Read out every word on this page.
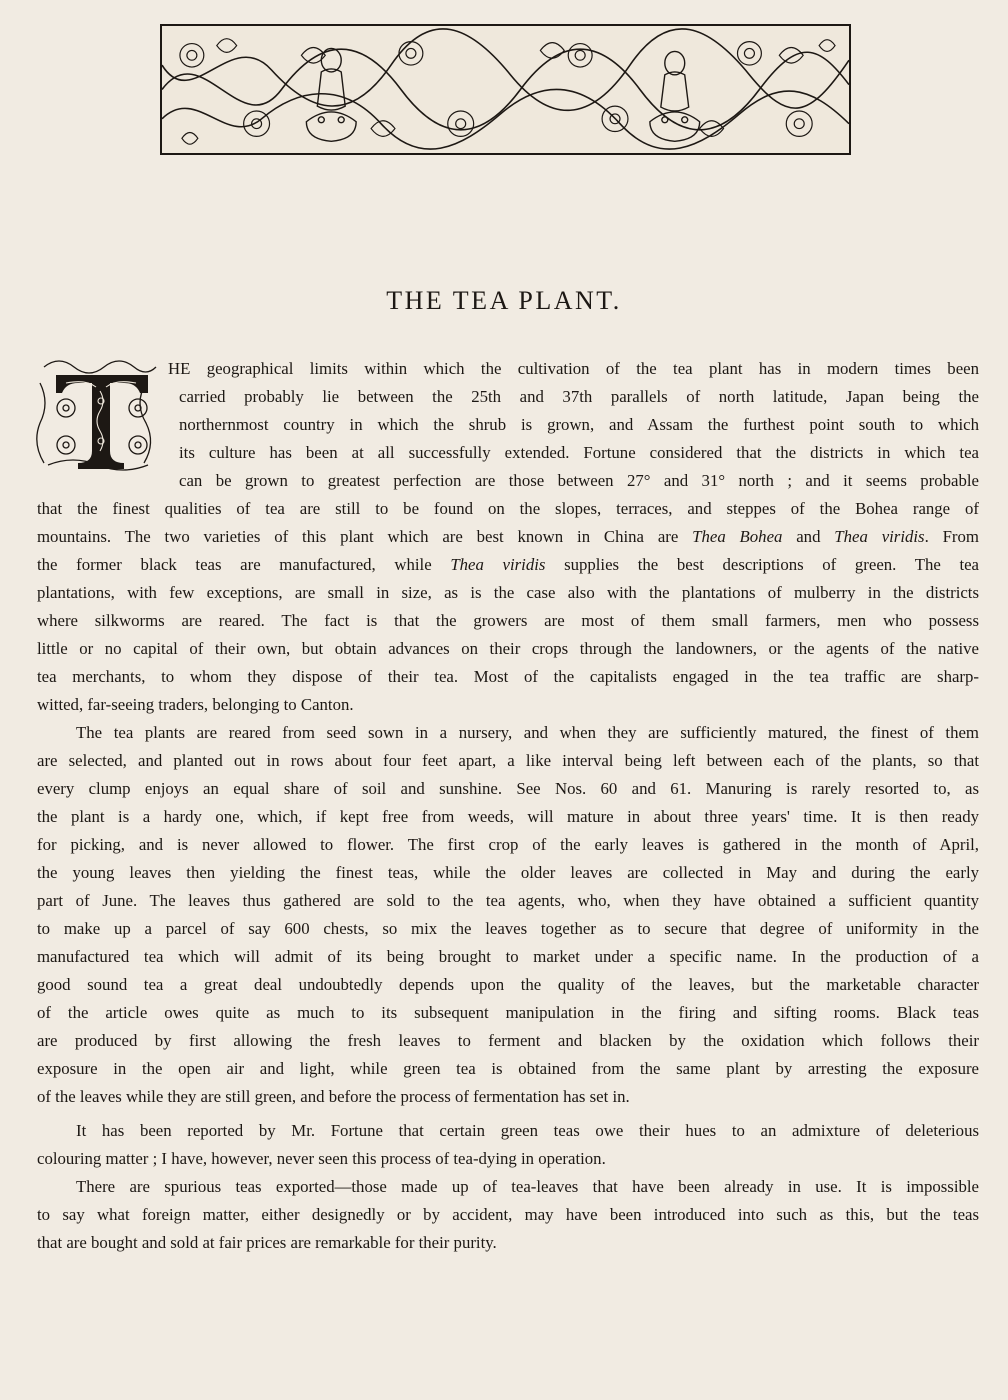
THE TEA PLANT.
HE geographical limits within which the cultivation of the tea plant has in modern times been
carried probably lie between the 25th and 37th parallels of north latitude, Japan being the
northernmost country in which the shrub is grown, and Assam the furthest point south to which
its culture has been at all successfully extended. Fortune considered that the districts in which tea
can be grown to greatest perfection are those between 27° and 31° north ; and it seems probable
that the finest qualities of tea are still to be found on the slopes, terraces, and steppes of the Bohea range of
mountains. The two varieties of this plant which are best known in China are Thea Bohea and Thea viridis. From
the former black teas are manufactured, while Thea viridis supplies the best descriptions of green. The tea
plantations, with few exceptions, are small in size, as is the case also with the plantations of mulberry in the districts
where silkworms are reared. The fact is that the growers are most of them small farmers, men who possess
little or no capital of their own, but obtain advances on their crops through the landowners, or the agents of the native
tea merchants, to whom they dispose of their tea. Most of the capitalists engaged in the tea traffic are sharp-
witted, far-seeing traders, belonging to Canton.
The tea plants are reared from seed sown in a nursery, and when they are sufficiently matured, the finest of them
are selected, and planted out in rows about four feet apart, a like interval being left between each of the plants, so that
every clump enjoys an equal share of soil and sunshine. See Nos. 60 and 61. Manuring is rarely resorted to, as
the plant is a hardy one, which, if kept free from weeds, will mature in about three years' time. It is then ready
for picking, and is never allowed to flower. The first crop of the early leaves is gathered in the month of April,
the young leaves then yielding the finest teas, while the older leaves are collected in May and during the early
part of June. The leaves thus gathered are sold to the tea agents, who, when they have obtained a sufficient quantity
to make up a parcel of say 600 chests, so mix the leaves together as to secure that degree of uniformity in the
manufactured tea which will admit of its being brought to market under a specific name. In the production of a
good sound tea a great deal undoubtedly depends upon the quality of the leaves, but the marketable character
of the article owes quite as much to its subsequent manipulation in the firing and sifting rooms. Black teas
are produced by first allowing the fresh leaves to ferment and blacken by the oxidation which follows their
exposure in the open air and light, while green tea is obtained from the same plant by arresting the exposure
of the leaves while they are still green, and before the process of fermentation has set in.
It has been reported by Mr. Fortune that certain green teas owe their hues to an admixture of deleterious
colouring matter ; I have, however, never seen this process of tea-dying in operation.
There are spurious teas exported—those made up of tea-leaves that have been already in use. It is impossible
to say what foreign matter, either designedly or by accident, may have been introduced into such as this, but the teas
that are bought and sold at fair prices are remarkable for their purity.
